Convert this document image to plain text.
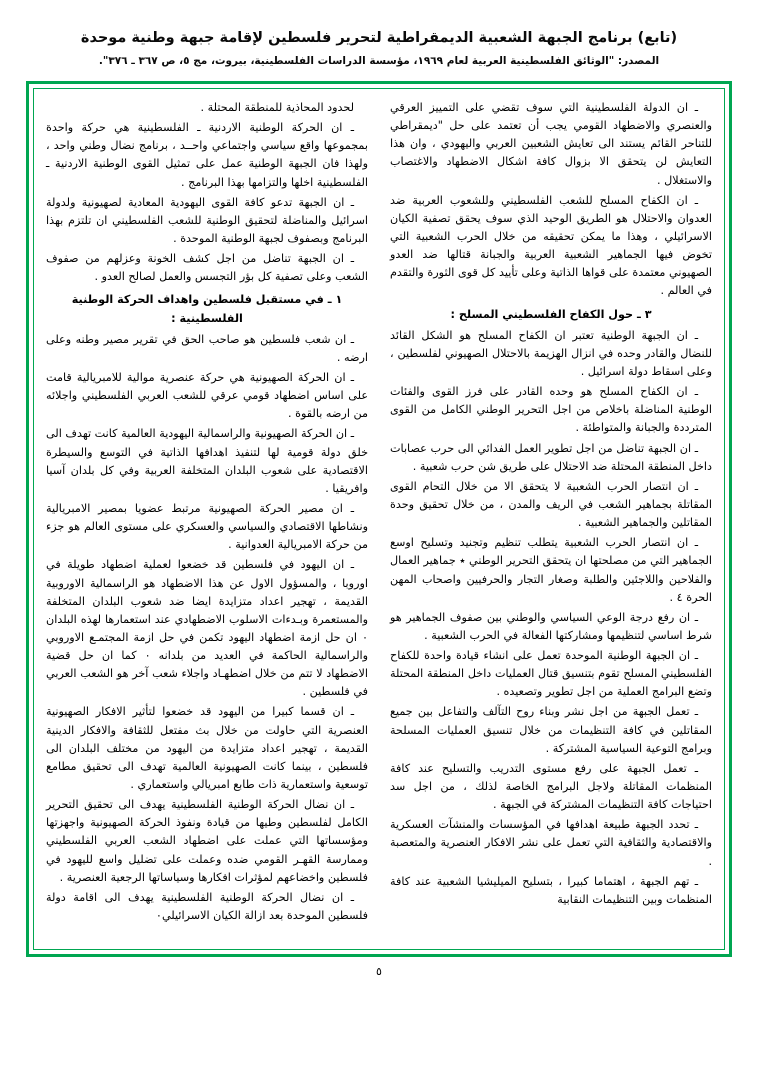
(تابع) برنامج الجبهة الشعبية الديمقراطية لتحرير فلسطين لإقامة جبهة وطنية موحدة
المصدر: "الوثائق الفلسطينية العربية لعام ١٩٦٩، مؤسسة الدراسات الفلسطينية، بيروت، مج ٥، ص ٣٦٧ ـ ٣٧٦".

ـ ان الدولة الفلسطينية التي سوف تقضي على التمييز العرقي والعنصري والاضطهاد القومي يجب أن تعتمد على حل "ديمقراطي للتناحر القائم يستند الى تعايش الشعبين العربي واليهودي ، وان هذا التعايش لن يتحقق الا بزوال كافة اشكال الاضطهاد والاغتصاب والاستغلال .

ـ ان الكفاح المسلح للشعب الفلسطيني وللشعوب العربية ضد العدوان والاحتلال هو الطريق الوحيد الذي سوف يحقق تصفية الكيان الاسرائيلي ، وهذا ما يمكن تحقيقه من خلال الحرب الشعبية التي تخوض فيها الجماهير الشعبية العربية والجبانة قتالها ضد العدو الصهيوني معتمدة على قواها الذاتية وعلى تأييد كل قوى الثورة والتقدم في العالم .

٣ ـ حول الكفاح الفلسطيني المسلح :

ـ ان الجبهة الوطنية تعتبر ان الكفاح المسلح هو الشكل القائد للنضال والقادر وحده في انزال الهزيمة بالاحتلال الصهيوني لفلسطين ، وعلى اسقاط دولة اسرائيل .

ـ ان الكفاح المسلح هو وحده القادر على فرز القوى والفئات الوطنية المناضلة باخلاص من اجل التحرير الوطني الكامل من القوى المترددة والجبانة والمتواطئة .

ـ ان الجبهة تناضل من اجل تطوير العمل الفدائي الى حرب عصابات داخل المنطقة المحتلة ضد الاحتلال على طريق شن حرب شعبية .

ـ ان انتصار الحرب الشعبية لا يتحقق الا من خلال التحام القوى المقاتلة بجماهير الشعب في الريف والمدن ، من خلال تحقيق وحدة المقاتلين والجماهير الشعبية .

ـ ان انتصار الحرب الشعبية يتطلب تنظيم وتجنيد وتسليح اوسع الجماهير التي من مصلحتها ان يتحقق التحرير الوطني ٭ جماهير العمال والفلاحين واللاجئين والطلبة وصغار التجار والحرفيين واصحاب المهن الحرة ٤ .

ـ ان رفع درجة الوعي السياسي والوطني بين صفوف الجماهير هو شرط اساسي لتنظيمها ومشاركتها الفعالة في الحرب الشعبية .

ـ ان الجبهة الوطنية الموحدة تعمل على انشاء قيادة واحدة للكفاح الفلسطيني المسلح تقوم بتنسيق قتال العمليات داخل المنطقة المحتلة وتضع البرامج العملية من اجل تطوير وتصعيده .

ـ تعمل الجبهة من اجل نشر وبناء روح التآلف والتفاعل بين جميع المقاتلين في كافة التنظيمات من خلال تنسيق العمليات المسلحة وبرامج التوعية السياسية المشتركة .

ـ تعمل الجبهة على رفع مستوى التدريب والتسليح عند كافة المنظمات المقاتلة ولاجل البرامج الخاصة لذلك ، من اجل سد احتياجات كافة التنظيمات المشتركة في الجبهة .

ـ تحدد الجبهة طبيعة اهدافها في المؤسسات والمنشآت العسكرية والاقتصادية والثقافية التي تعمل على نشر الافكار العنصرية والمتعصبة .

ـ تهم الجبهة ، اهتماما كبيرا ، بتسليح الميليشيا الشعبية عند كافة المنظمات وبين التنظيمات النقابية

لحدود المحاذية للمنطقة المحتلة .

ـ ان الحركة الوطنية الاردنية ـ الفلسطينية هي حركة واحدة بمجموعها واقع سياسي واجتماعي واحــد ، برنامج نضال وطني واحد ، ولهذا فان الجبهة الوطنية عمل على تمثيل القوى الوطنية الاردنية ـ الفلسطينية اخلها والتزامها بهذا البرنامج .

ـ ان الجبهة تدعو كافة القوى اليهودية المعادية لصهيونية ولدولة اسرائيل والمناضلة لتحقيق الوطنية للشعب الفلسطيني ان تلتزم بهذا البرنامج وبصفوف لجبهة الوطنية الموحدة .

ـ ان الجبهة تناضل من اجل كشف الخونة وعزلهم من صفوف الشعب وعلى تصفية كل بؤر التجسس والعمل لصالح العدو .

١ ـ في مستقبل فلسطين واهداف الحركة الوطنية الفلسطينية :

ـ ان شعب فلسطين هو صاحب الحق في تقرير مصير وطنه وعلى ارضه .

ـ ان الحركة الصهيونية هي حركة عنصرية موالية للامبريالية قامت على اساس اضطهاد قومي عرقي للشعب العربي الفلسطيني واجلائه من ارضه بالقوة .

ـ ان الحركة الصهيونية والراسمالية اليهودية العالمية كانت تهدف الى خلق دولة قومية لها لتنفيذ اهدافها الذاتية في التوسع والسيطرة الاقتصادية على شعوب البلدان المتخلفة العربية وفي كل بلدان آسيا وافريقيا .

ـ ان مصير الحركة الصهيونية مرتبط عضويا بمصير الامبريالية ونشاطها الاقتصادي والسياسي والعسكري على مستوى العالم هو جزء من حركة الامبريالية العدوانية .

ـ ان اليهود في فلسطين قد خضعوا لعملية اضطهاد طويلة في اوروبا ، والمسؤول الاول عن هذا الاضطهاد هو الراسمالية الاوروبية القديمة ، تهجير اعداد متزايدة ايضا ضد شعوب البلدان المتخلفة والمستعمرة وبـدءات الاسلوب الاضطهادي عند استعمارها لهذه البلدان ٠ ان حل ازمة اضطهاد اليهود تكمن في حل ازمة المجتمـع الاوروبي والراسمالية الحاكمة في العديد من بلدانه ٠ كما ان حل قضية الاضطهاد لا تتم من خلال اضطهـاد واجلاء شعب آخر هو الشعب العربي في فلسطين .

ـ ان قسما كبيرا من اليهود قد خضعوا لتأثير الافكار الصهيونية العنصرية التي حاولت من خلال بث مفتعل للثقافة والافكار الدينية القديمة ، تهجير اعداد متزايدة من اليهود من مختلف البلدان الى فلسطين ، بينما كانت الصهيونية العالمية تهدف الى تحقيق مطامع توسعية واستعمارية ذات طابع امبريالي واستعماري .

ـ ان نضال الحركة الوطنية الفلسطينية يهدف الى تحقيق التحرير الكامل لفلسطين وطيها من قيادة ونفوذ الحركة الصهيونية واجهزتها ومؤسساتها التي عملت على اضطهاد الشعب العربي الفلسطيني وممارسة القهـر القومي ضده وعملت على تضليل واسع لليهود في فلسطين واخضاعهم لمؤثرات افكارها وسياساتها الرجعية العنصرية .

ـ ان نضال الحركة الوطنية الفلسطينية يهدف الى اقامة دولة فلسطين الموحدة بعد ازالة الكيان الاسرائيلي٠

٥
